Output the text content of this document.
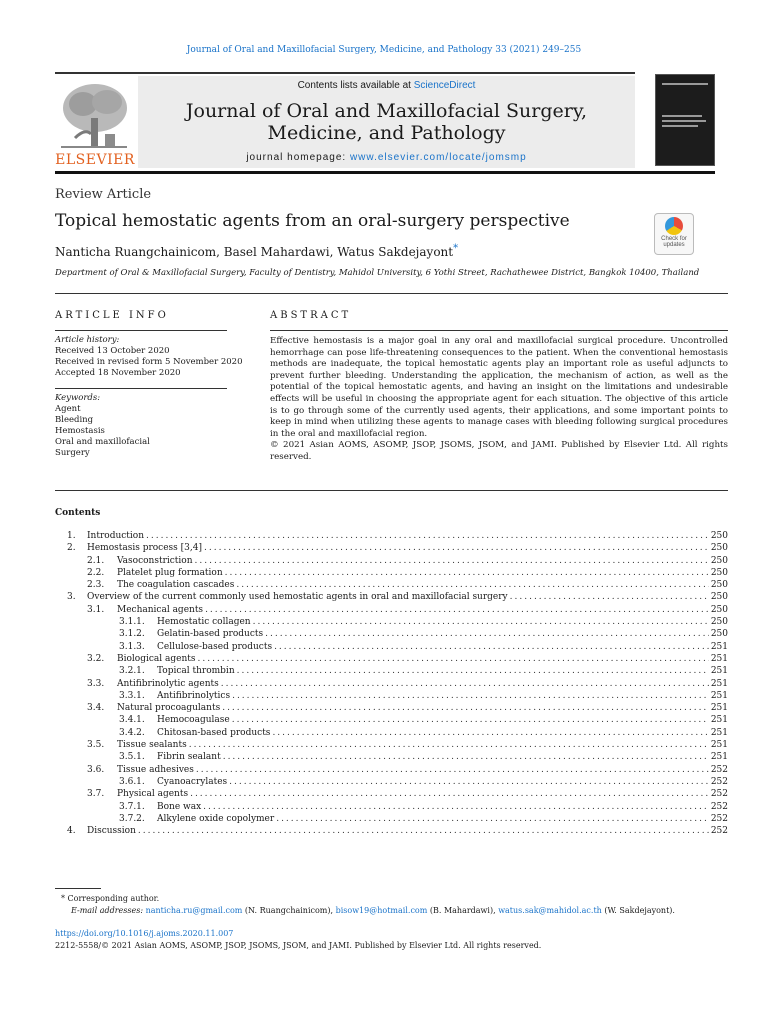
Journal of Oral and Maxillofacial Surgery, Medicine, and Pathology 33 (2021) 249–255
ELSEVIER
Contents lists available at ScienceDirect
Journal of Oral and Maxillofacial Surgery,
Medicine, and Pathology
journal homepage: www.elsevier.com/locate/jomsmp
Review Article
Topical hemostatic agents from an oral-surgery perspective
Nanticha Ruangchainicom, Basel Mahardawi, Watus Sakdejayont*
Department of Oral & Maxillofacial Surgery, Faculty of Dentistry, Mahidol University, 6 Yothi Street, Rachathewee District, Bangkok 10400, Thailand
Check for updates
ARTICLE INFO
Article history:
Received 13 October 2020
Received in revised form 5 November 2020
Accepted 18 November 2020
Keywords:
Agent
Bleeding
Hemostasis
Oral and maxillofacial
Surgery
ABSTRACT
Effective hemostasis is a major goal in any oral and maxillofacial surgical procedure. Uncontrolled hemorrhage can pose life-threatening consequences to the patient. When the conventional hemostasis methods are inadequate, the topical hemostatic agents play an important role as useful adjuncts to prevent further bleeding. Understanding the application, the mechanism of action, as well as the potential of the topical hemostatic agents, and having an insight on the limitations and undesirable effects will be useful in choosing the appropriate agent for each situation. The objective of this article is to go through some of the currently used agents, their applications, and some important points to keep in mind when utilizing these agents to manage cases with bleeding following surgical procedures in the oral and maxillofacial region.
© 2021 Asian AOMS, ASOMP, JSOP, JSOMS, JSOM, and JAMI. Published by Elsevier Ltd. All rights reserved.
Contents
1.	Introduction .....	250
2.	Hemostasis process [3,4] .....	250
2.1.	Vasoconstriction .....	250
2.2.	Platelet plug formation .....	250
2.3.	The coagulation cascades .....	250
3.	Overview of the current commonly used hemostatic agents in oral and maxillofacial surgery .....	250
3.1.	Mechanical agents .....	250
3.1.1.	Hemostatic collagen .....	250
3.1.2.	Gelatin-based products .....	250
3.1.3.	Cellulose-based products .....	251
3.2.	Biological agents .....	251
3.2.1.	Topical thrombin .....	251
3.3.	Antifibrinolytic agents .....	251
3.3.1.	Antifibrinolytics .....	251
3.4.	Natural procoagulants .....	251
3.4.1.	Hemocoagulase .....	251
3.4.2.	Chitosan-based products .....	251
3.5.	Tissue sealants .....	251
3.5.1.	Fibrin sealant .....	251
3.6.	Tissue adhesives .....	252
3.6.1.	Cyanoacrylates .....	252
3.7.	Physical agents .....	252
3.7.1.	Bone wax .....	252
3.7.2.	Alkylene oxide copolymer .....	252
4.	Discussion .....	252
* Corresponding author.
E-mail addresses: nanticha.ru@gmail.com (N. Ruangchainicom), bisow19@hotmail.com (B. Mahardawi), watus.sak@mahidol.ac.th (W. Sakdejayont).
https://doi.org/10.1016/j.ajoms.2020.11.007
2212-5558/© 2021 Asian AOMS, ASOMP, JSOP, JSOMS, JSOM, and JAMI. Published by Elsevier Ltd. All rights reserved.
